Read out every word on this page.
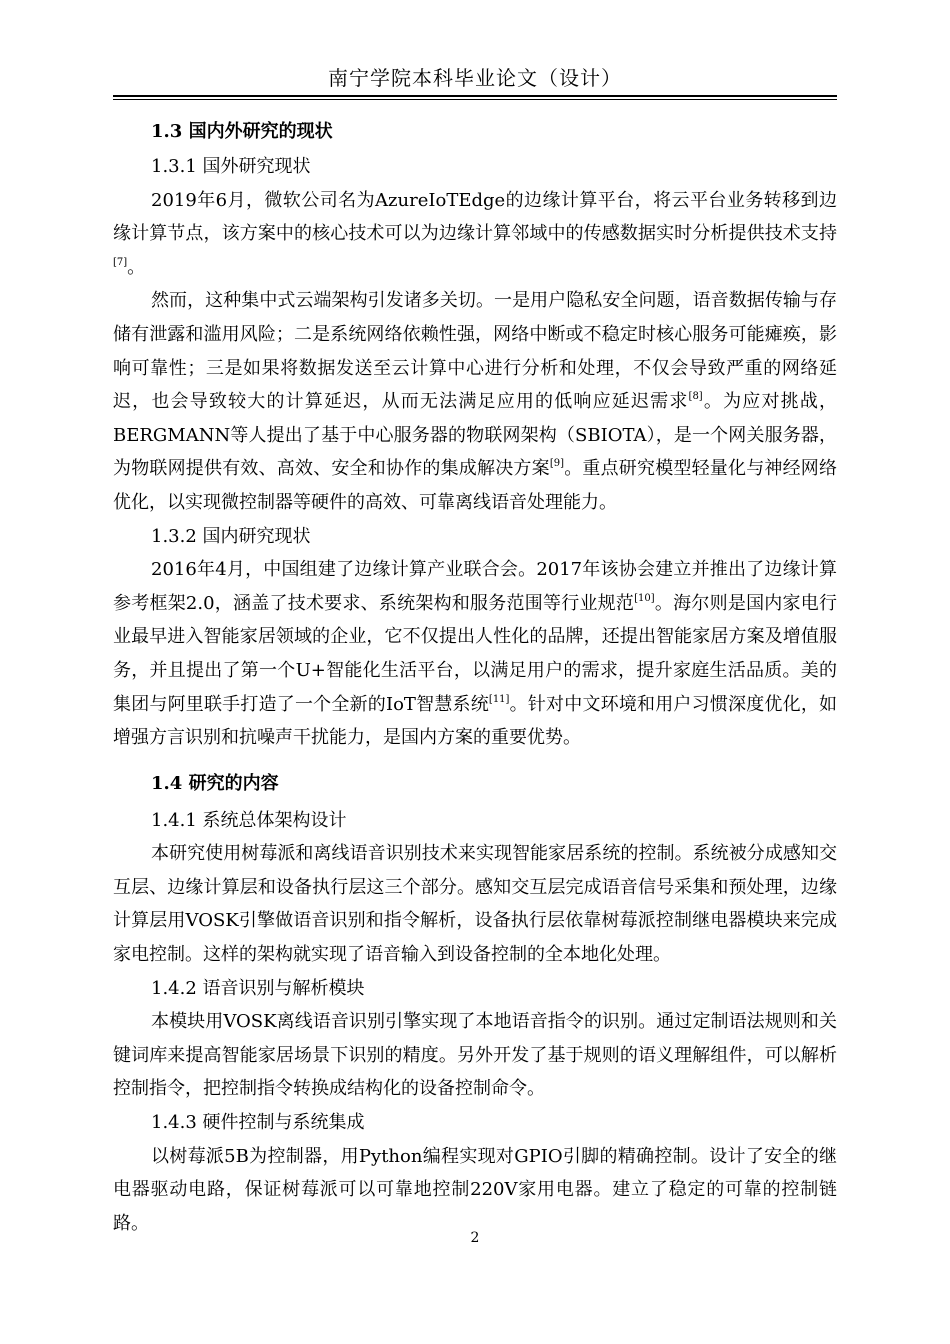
南宁学院本科毕业论文（设计）

1.3 国内外研究的现状

1.3.1 国外研究现状

2019年6月，微软公司名为AzureIoTEdge的边缘计算平台，将云平台业务转移到边缘计算节点，该方案中的核心技术可以为边缘计算邻域中的传感数据实时分析提供技术支持[7]。

然而，这种集中式云端架构引发诸多关切。一是用户隐私安全问题，语音数据传输与存储有泄露和滥用风险；二是系统网络依赖性强，网络中断或不稳定时核心服务可能瘫痪，影响可靠性；三是如果将数据发送至云计算中心进行分析和处理，不仅会导致严重的网络延迟，也会导致较大的计算延迟，从而无法满足应用的低响应延迟需求[8]。为应对挑战，BERGMANN等人提出了基于中心服务器的物联网架构（SBIOTA），是一个网关服务器，为物联网提供有效、高效、安全和协作的集成解决方案[9]。重点研究模型轻量化与神经网络优化，以实现微控制器等硬件的高效、可靠离线语音处理能力。

1.3.2 国内研究现状

2016年4月，中国组建了边缘计算产业联合会。2017年该协会建立并推出了边缘计算参考框架2.0，涵盖了技术要求、系统架构和服务范围等行业规范[10]。海尔则是国内家电行业最早进入智能家居领域的企业，它不仅提出人性化的品牌，还提出智能家居方案及增值服务，并且提出了第一个U+智能化生活平台，以满足用户的需求，提升家庭生活品质。美的集团与阿里联手打造了一个全新的IoT智慧系统[11]。针对中文环境和用户习惯深度优化，如增强方言识别和抗噪声干扰能力，是国内方案的重要优势。

1.4 研究的内容

1.4.1 系统总体架构设计

本研究使用树莓派和离线语音识别技术来实现智能家居系统的控制。系统被分成感知交互层、边缘计算层和设备执行层这三个部分。感知交互层完成语音信号采集和预处理，边缘计算层用VOSK引擎做语音识别和指令解析，设备执行层依靠树莓派控制继电器模块来完成家电控制。这样的架构就实现了语音输入到设备控制的全本地化处理。

1.4.2 语音识别与解析模块

本模块用VOSK离线语音识别引擎实现了本地语音指令的识别。通过定制语法规则和关键词库来提高智能家居场景下识别的精度。另外开发了基于规则的语义理解组件，可以解析控制指令，把控制指令转换成结构化的设备控制命令。

1.4.3 硬件控制与系统集成

以树莓派5B为控制器，用Python编程实现对GPIO引脚的精确控制。设计了安全的继电器驱动电路，保证树莓派可以可靠地控制220V家用电器。建立了稳定的可靠的控制链路。

2
